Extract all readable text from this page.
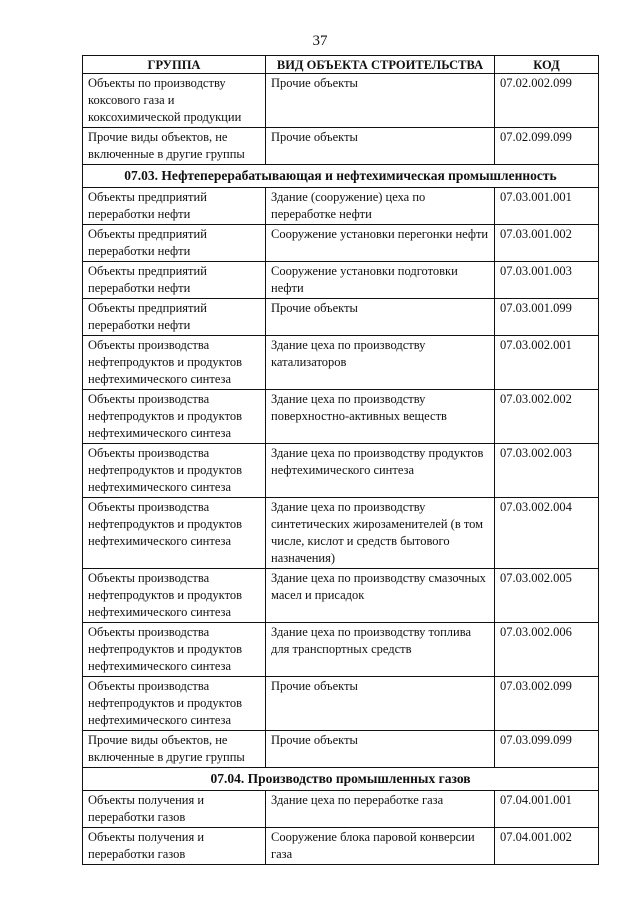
37
ГРУППА	ВИД ОБЪЕКТА СТРОИТЕЛЬСТВА	КОД
Объекты по производству коксового газа и коксохимической продукции	Прочие объекты	07.02.002.099
Прочие виды объектов, не включенные в другие группы	Прочие объекты	07.02.099.099
07.03. Нефтеперерабатывающая и нефтехимическая промышленность		
Объекты предприятий переработки нефти	Здание (сооружение) цеха по переработке нефти	07.03.001.001
Объекты предприятий переработки нефти	Сооружение установки перегонки нефти	07.03.001.002
Объекты предприятий переработки нефти	Сооружение установки подготовки нефти	07.03.001.003
Объекты предприятий переработки нефти	Прочие объекты	07.03.001.099
Объекты производства нефтепродуктов и продуктов нефтехимического синтеза	Здание цеха по производству катализаторов	07.03.002.001
Объекты производства нефтепродуктов и продуктов нефтехимического синтеза	Здание цеха по производству поверхностно-активных веществ	07.03.002.002
Объекты производства нефтепродуктов и продуктов нефтехимического синтеза	Здание цеха по производству продуктов нефтехимического синтеза	07.03.002.003
Объекты производства нефтепродуктов и продуктов нефтехимического синтеза	Здание цеха по производству синтетических жирозаменителей (в том числе, кислот и средств бытового назначения)	07.03.002.004
Объекты производства нефтепродуктов и продуктов нефтехимического синтеза	Здание цеха по производству смазочных масел и присадок	07.03.002.005
Объекты производства нефтепродуктов и продуктов нефтехимического синтеза	Здание цеха по производству топлива для транспортных средств	07.03.002.006
Объекты производства нефтепродуктов и продуктов нефтехимического синтеза	Прочие объекты	07.03.002.099
Прочие виды объектов, не включенные в другие группы	Прочие объекты	07.03.099.099
07.04. Производство промышленных газов		
Объекты получения и переработки газов	Здание цеха по переработке газа	07.04.001.001
Объекты получения и переработки газов	Сооружение блока паровой конверсии газа	07.04.001.002
